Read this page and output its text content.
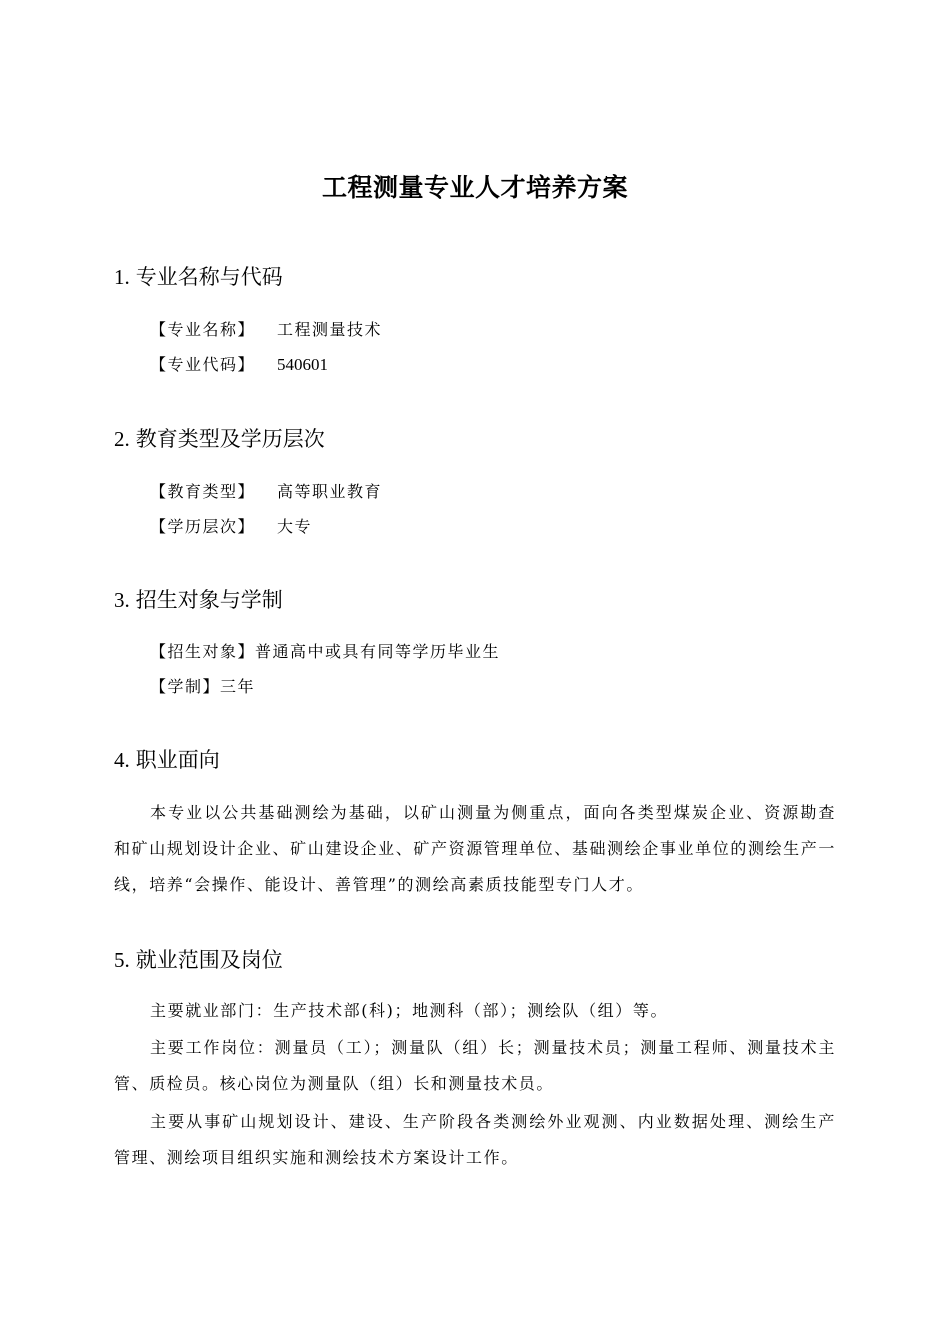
工程测量专业人才培养方案
1. 专业名称与代码
【专业名称】 工程测量技术
【专业代码】 540601
2. 教育类型及学历层次
【教育类型】 高等职业教育
【学历层次】 大专
3. 招生对象与学制
【招生对象】普通高中或具有同等学历毕业生
【学制】三年
4. 职业面向
本专业以公共基础测绘为基础，以矿山测量为侧重点，面向各类型煤炭企业、资源勘查和矿山规划设计企业、矿山建设企业、矿产资源管理单位、基础测绘企事业单位的测绘生产一线，培养“会操作、能设计、善管理”的测绘高素质技能型专门人才。
5. 就业范围及岗位
主要就业部门：生产技术部(科)；地测科（部）；测绘队（组）等。
主要工作岗位：测量员（工）；测量队（组）长；测量技术员；测量工程师、测量技术主管、质检员。核心岗位为测量队（组）长和测量技术员。
主要从事矿山规划设计、建设、生产阶段各类测绘外业观测、内业数据处理、测绘生产管理、测绘项目组织实施和测绘技术方案设计工作。
